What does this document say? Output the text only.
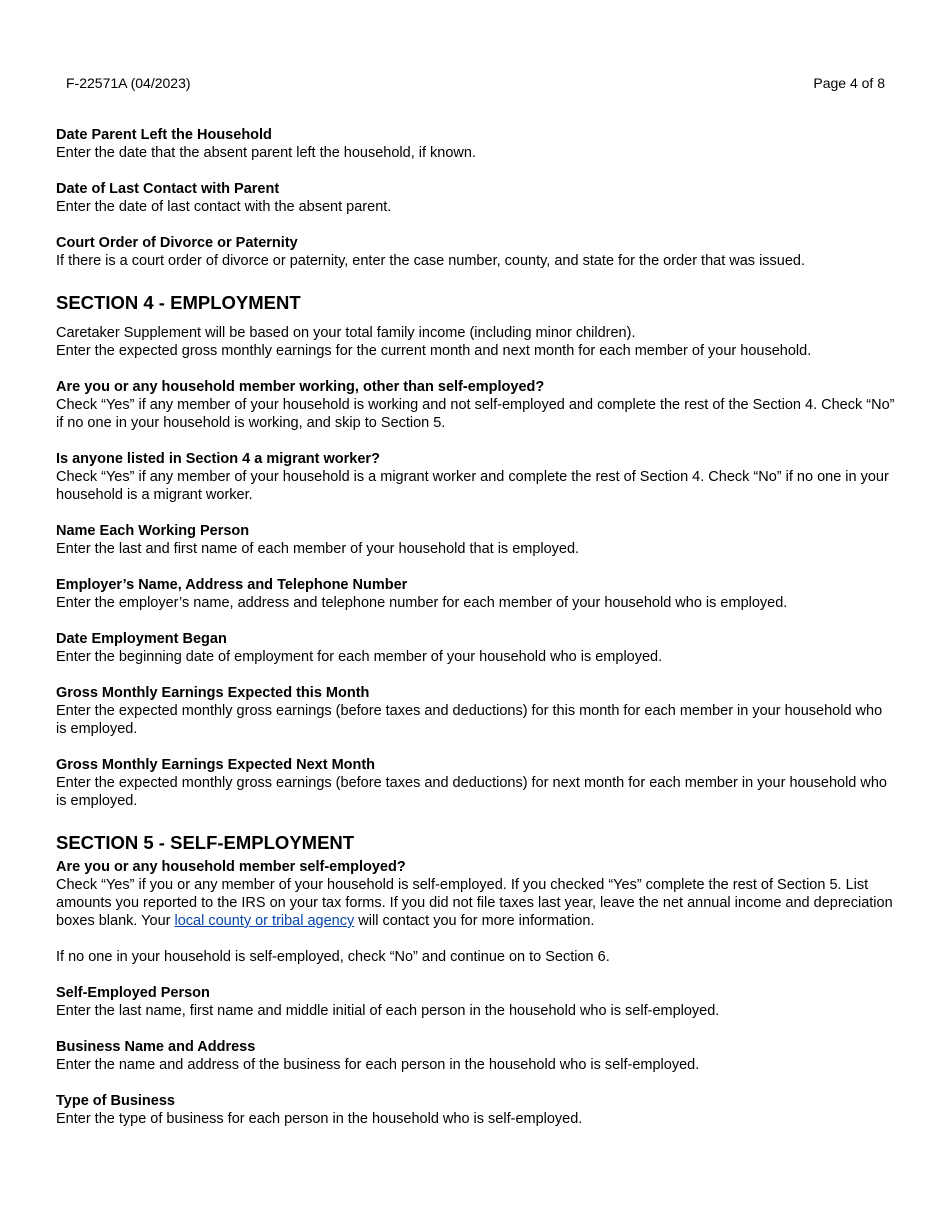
F-22571A (04/2023)	Page 4 of 8
Date Parent Left the Household
Enter the date that the absent parent left the household, if known.
Date of Last Contact with Parent
Enter the date of last contact with the absent parent.
Court Order of Divorce or Paternity
If there is a court order of divorce or paternity, enter the case number, county, and state for the order that was issued.
SECTION 4 - EMPLOYMENT
Caretaker Supplement will be based on your total family income (including minor children).
Enter the expected gross monthly earnings for the current month and next month for each member of your household.
Are you or any household member working, other than self-employed?
Check “Yes” if any member of your household is working and not self-employed and complete the rest of the Section 4. Check “No” if no one in your household is working, and skip to Section 5.
Is anyone listed in Section 4 a migrant worker?
Check “Yes” if any member of your household is a migrant worker and complete the rest of Section 4. Check “No” if no one in your household is a migrant worker.
Name Each Working Person
Enter the last and first name of each member of your household that is employed.
Employer’s Name, Address and Telephone Number
Enter the employer’s name, address and telephone number for each member of your household who is employed.
Date Employment Began
Enter the beginning date of employment for each member of your household who is employed.
Gross Monthly Earnings Expected this Month
Enter the expected monthly gross earnings (before taxes and deductions) for this month for each member in your household who is employed.
Gross Monthly Earnings Expected Next Month
Enter the expected monthly gross earnings (before taxes and deductions) for next month for each member in your household who is employed.
SECTION 5 - SELF-EMPLOYMENT
Are you or any household member self-employed?
Check “Yes” if you or any member of your household is self-employed. If you checked “Yes” complete the rest of Section 5. List amounts you reported to the IRS on your tax forms. If you did not file taxes last year, leave the net annual income and depreciation boxes blank. Your local county or tribal agency will contact you for more information.
If no one in your household is self-employed, check “No” and continue on to Section 6.
Self-Employed Person
Enter the last name, first name and middle initial of each person in the household who is self-employed.
Business Name and Address
Enter the name and address of the business for each person in the household who is self-employed.
Type of Business
Enter the type of business for each person in the household who is self-employed.
